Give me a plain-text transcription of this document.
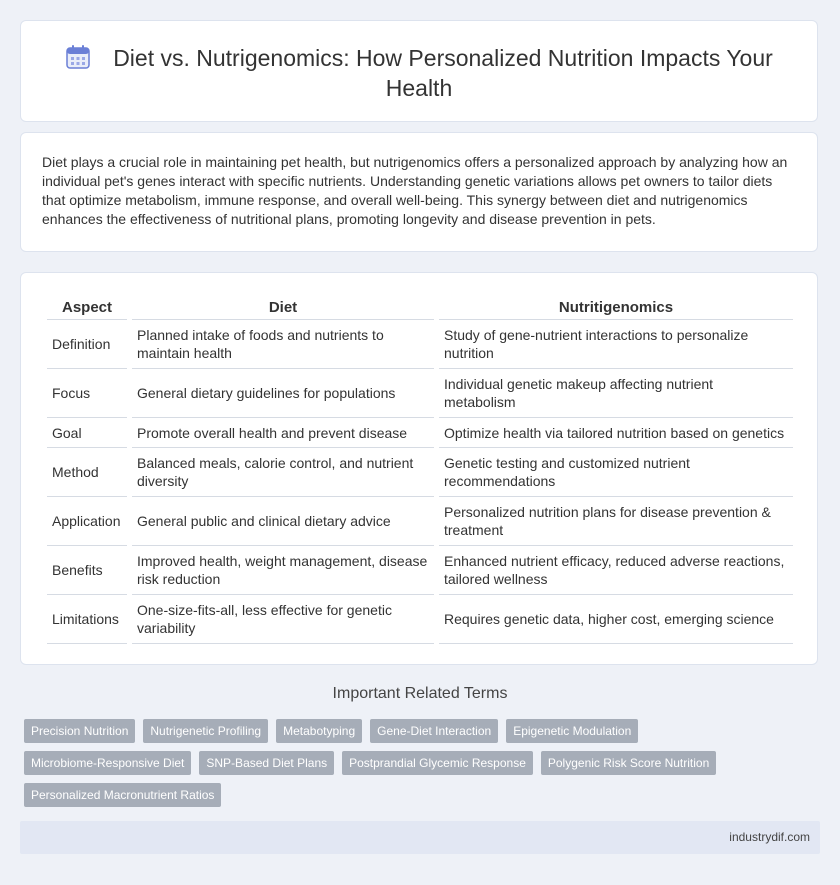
Diet vs. Nutrigenomics: How Personalized Nutrition Impacts Your Health
Diet plays a crucial role in maintaining pet health, but nutrigenomics offers a personalized approach by analyzing how an individual pet's genes interact with specific nutrients. Understanding genetic variations allows pet owners to tailor diets that optimize metabolism, immune response, and overall well-being. This synergy between diet and nutrigenomics enhances the effectiveness of nutritional plans, promoting longevity and disease prevention in pets.
Aspect	Diet	Nutritigenomics
Definition	Planned intake of foods and nutrients to maintain health	Study of gene-nutrient interactions to personalize nutrition
Focus	General dietary guidelines for populations	Individual genetic makeup affecting nutrient metabolism
Goal	Promote overall health and prevent disease	Optimize health via tailored nutrition based on genetics
Method	Balanced meals, calorie control, and nutrient diversity	Genetic testing and customized nutrient recommendations
Application	General public and clinical dietary advice	Personalized nutrition plans for disease prevention & treatment
Benefits	Improved health, weight management, disease risk reduction	Enhanced nutrient efficacy, reduced adverse reactions, tailored wellness
Limitations	One-size-fits-all, less effective for genetic variability	Requires genetic data, higher cost, emerging science
Important Related Terms
Precision Nutrition	Nutrigenetic Profiling	Metabotyping	Gene-Diet Interaction	Epigenetic Modulation
Microbiome-Responsive Diet	SNP-Based Diet Plans	Postprandial Glycemic Response	Polygenic Risk Score Nutrition
Personalized Macronutrient Ratios
industrydif.com
